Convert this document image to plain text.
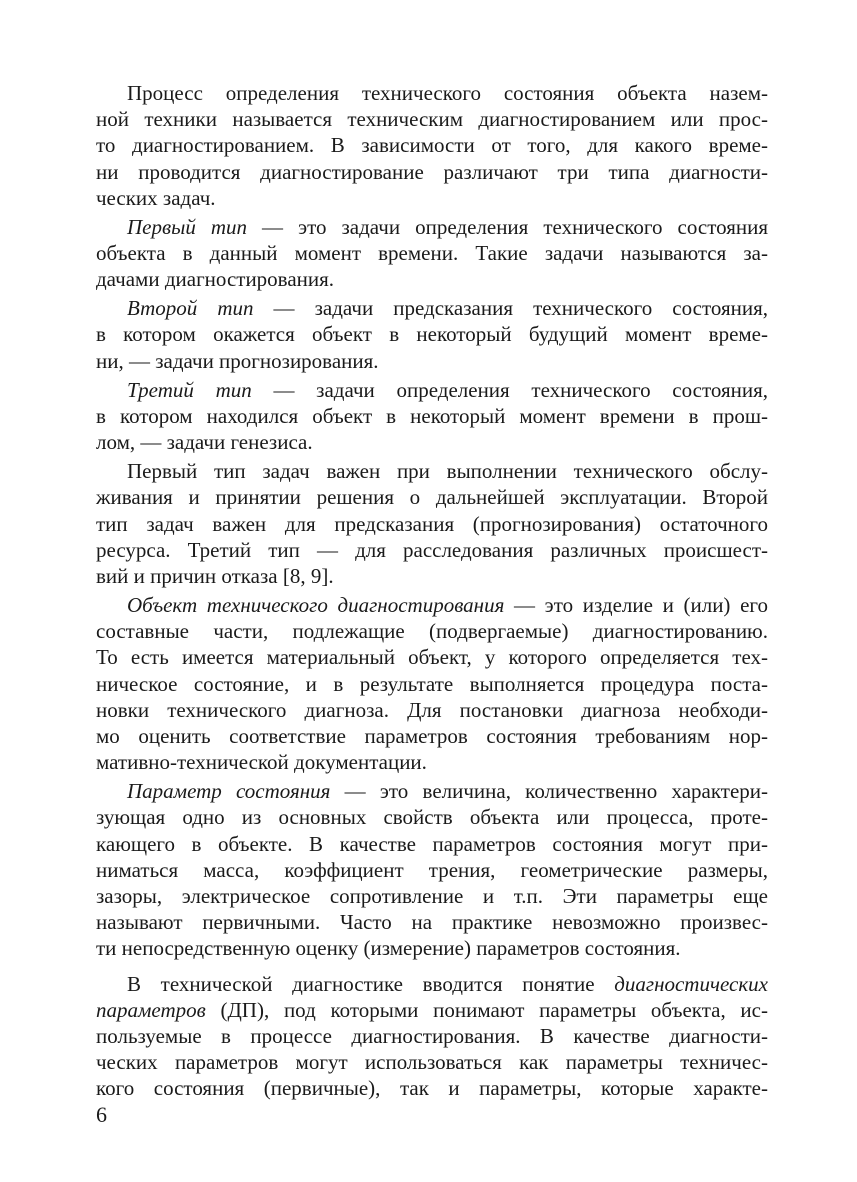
Процесс определения технического состояния объекта назем-
ной техники называется техническим диагностированием или прос-
то диагностированием. В зависимости от того, для какого време-
ни проводится диагностирование различают три типа диагности-
ческих задач.
Первый тип — это задачи определения технического состояния
объекта в данный момент времени. Такие задачи называются за-
дачами диагностирования.
Второй тип — задачи предсказания технического состояния,
в котором окажется объект в некоторый будущий момент време-
ни, — задачи прогнозирования.
Третий тип — задачи определения технического состояния,
в котором находился объект в некоторый момент времени в прош-
лом, — задачи генезиса.
Первый тип задач важен при выполнении технического обслу-
живания и принятии решения о дальнейшей эксплуатации. Второй
тип задач важен для предсказания (прогнозирования) остаточного
ресурса. Третий тип — для расследования различных происшест-
вий и причин отказа [8, 9].
Объект технического диагностирования — это изделие и (или) его
составные части, подлежащие (подвергаемые) диагностированию.
То есть имеется материальный объект, у которого определяется тех-
ническое состояние, и в результате выполняется процедура поста-
новки технического диагноза. Для постановки диагноза необходи-
мо оценить соответствие параметров состояния требованиям нор-
мативно-технической документации.
Параметр состояния — это величина, количественно характери-
зующая одно из основных свойств объекта или процесса, проте-
кающего в объекте. В качестве параметров состояния могут при-
ниматься масса, коэффициент трения, геометрические размеры,
зазоры, электрическое сопротивление и т.п. Эти параметры еще
называют первичными. Часто на практике невозможно произвес-
ти непосредственную оценку (измерение) параметров состояния.
В технической диагностике вводится понятие диагностических
параметров (ДП), под которыми понимают параметры объекта, ис-
пользуемые в процессе диагностирования. В качестве диагности-
ческих параметров могут использоваться как параметры техничес-
кого состояния (первичные), так и параметры, которые характе-
6
